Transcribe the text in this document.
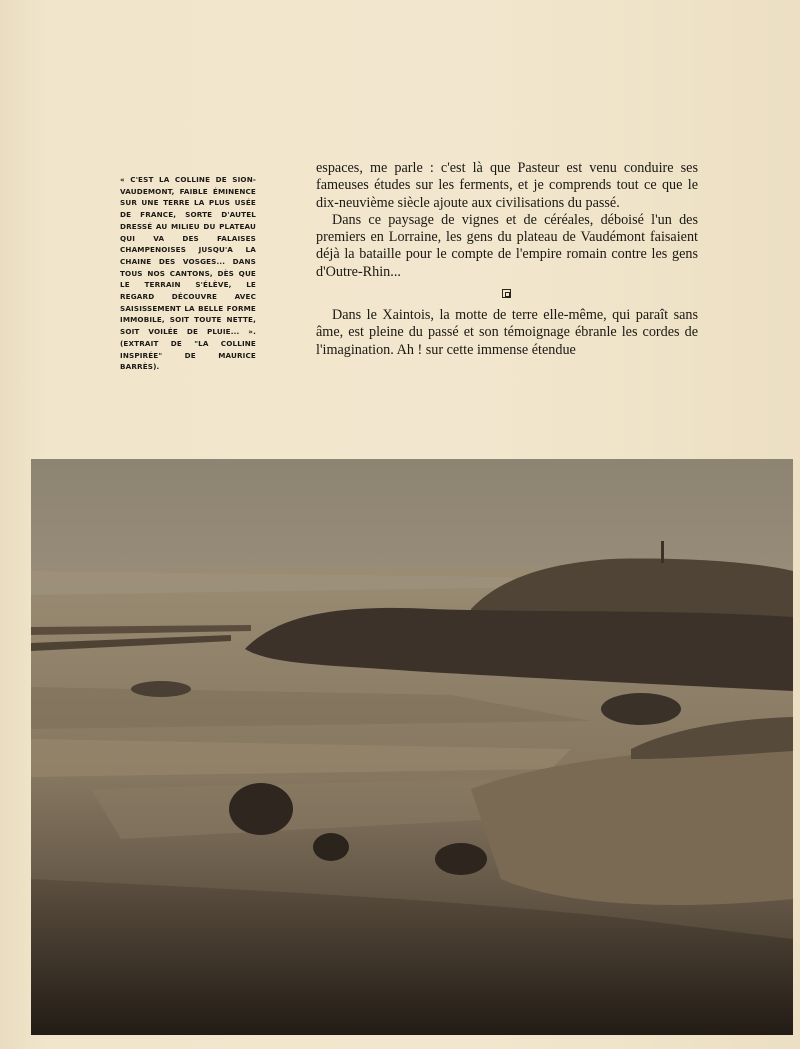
« C'EST LA COLLINE DE SION-VAUDEMONT, FAIBLE ÉMINENCE SUR UNE TERRE LA PLUS USÉE DE FRANCE, SORTE D'AUTEL DRESSÉ AU MILIEU DU PLATEAU QUI VA DES FALAISES CHAMPENOISES JUSQU'A LA CHAINE DES VOSGES... DANS TOUS NOS CANTONS, DÈS QUE LE TERRAIN S'ÉLÈVE, LE REGARD DÉCOUVRE AVEC SAISISSEMENT LA BELLE FORME IMMOBILE, SOIT TOUTE NETTE, SOIT VOILÉE DE PLUIE... ». (EXTRAIT DE "LA COLLINE INSPIRÉE" DE MAURICE BARRÈS).

espaces, me parle : c'est là que Pasteur est venu conduire ses fameuses études sur les ferments, et je comprends tout ce que le dix-neuvième siècle ajoute aux civilisations du passé.

Dans ce paysage de vignes et de céréales, déboisé l'un des premiers en Lorraine, les gens du plateau de Vaudémont faisaient déjà la bataille pour le compte de l'empire romain contre les gens d'Outre-Rhin...

Dans le Xaintois, la motte de terre elle-même, qui paraît sans âme, est pleine du passé et son témoignage ébranle les cordes de l'imagination. Ah ! sur cette immense étendue
